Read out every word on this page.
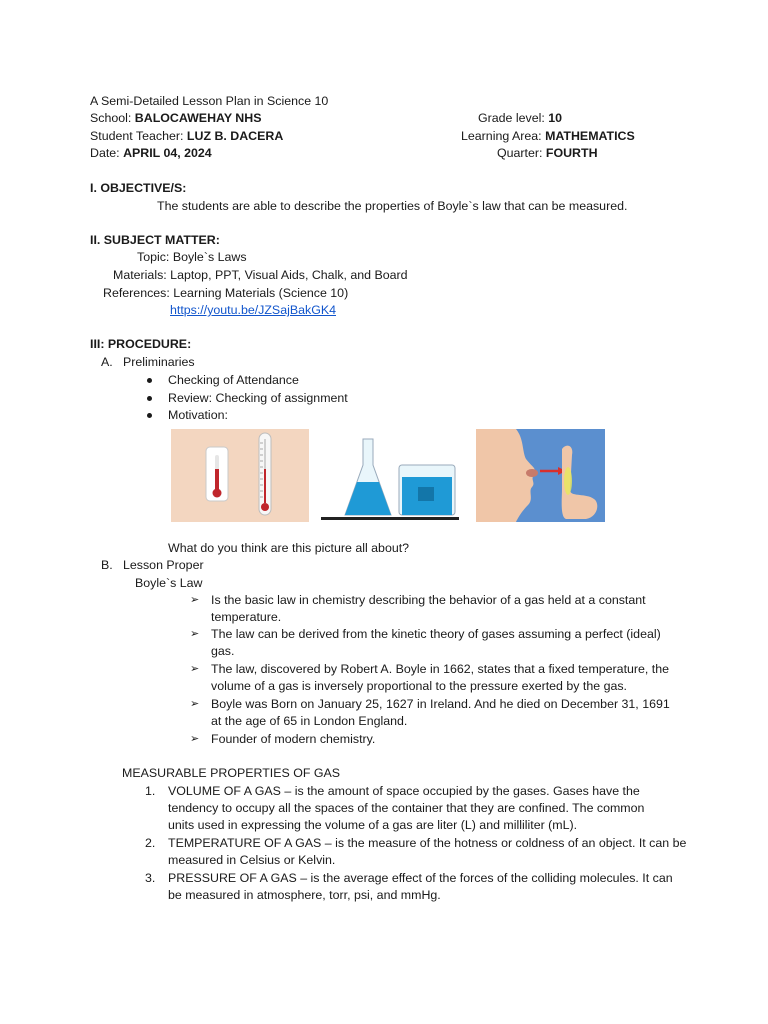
A Semi-Detailed Lesson Plan in Science 10
School: BALOCAWEHAY NHS
Student Teacher: LUZ B. DACERA
Date: APRIL 04, 2024
Grade level: 10
Learning Area: MATHEMATICS
Quarter: FOURTH
I. OBJECTIVE/S:
The students are able to describe the properties of Boyle`s law that can be measured.
II. SUBJECT MATTER:
Topic: Boyle`s Laws
Materials: Laptop, PPT, Visual Aids, Chalk, and Board
References: Learning Materials (Science 10)
https://youtu.be/JZSajBakGK4
III: PROCEDURE:
A. Preliminaries
Checking of Attendance
Review: Checking of assignment
Motivation:
What do you think are this picture all about?
B. Lesson Proper
Boyle`s Law
➢ Is the basic law in chemistry describing the behavior of a gas held at a constant
temperature.
➢ The law can be derived from the kinetic theory of gases assuming a perfect (ideal)
gas.
➢ The law, discovered by Robert A. Boyle in 1662, states that a fixed temperature, the
volume of a gas is inversely proportional to the pressure exerted by the gas.
➢ Boyle was Born on January 25, 1627 in Ireland. And he died on December 31, 1691
at the age of 65 in London England.
➢ Founder of modern chemistry.
MEASURABLE PROPERTIES OF GAS
1. VOLUME OF A GAS – is the amount of space occupied by the gases. Gases have the
tendency to occupy all the spaces of the container that they are confined. The common
units used in expressing the volume of a gas are liter (L) and milliliter (mL).
2. TEMPERATURE OF A GAS – is the measure of the hotness or coldness of an object. It can be
measured in Celsius or Kelvin.
3. PRESSURE OF A GAS – is the average effect of the forces of the colliding molecules. It can
be measured in atmosphere, torr, psi, and mmHg.
